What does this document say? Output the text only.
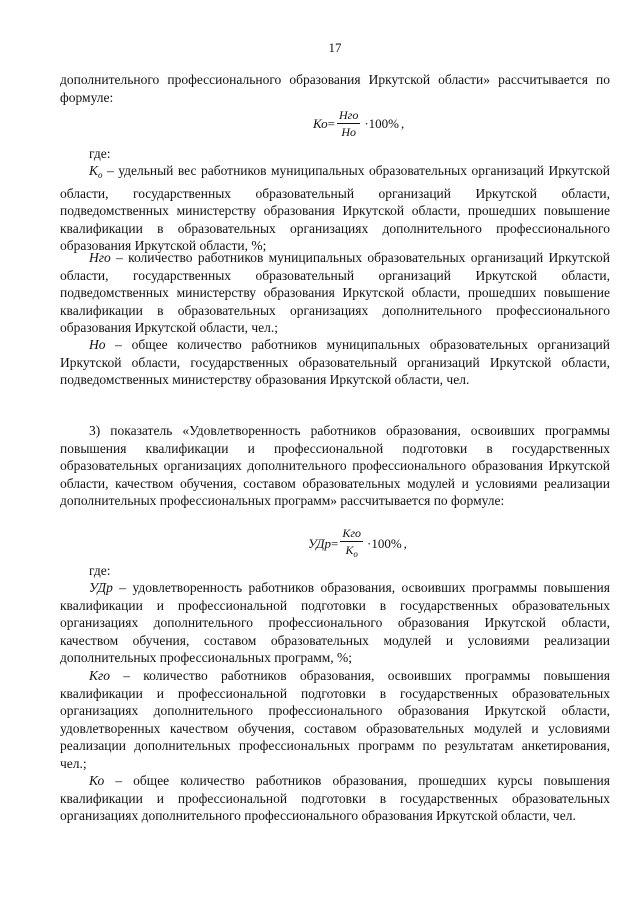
17

дополнительного профессионального образования Иркутской области» рассчитывается по формуле:

Ко = $\frac{\text{Нго}}{Но} \cdot 100\%$ ,

где:

$К_о$ – удельный вес работников муниципальных образовательных организаций Иркутской области, государственных образовательный организаций Иркутской области, подведомственных министерству образования Иркутской области, прошедших повышение квалификации в образовательных организациях дополнительного профессионального образования Иркутской области, %;

Нго – количество работников муниципальных образовательных организаций Иркутской области, государственных образовательный организаций Иркутской области, подведомственных министерству образования Иркутской области, прошедших повышение квалификации в образовательных организациях дополнительного профессионального образования Иркутской области, чел.;

Но – общее количество работников муниципальных образовательных организаций Иркутской области, государственных образовательный организаций Иркутской области, подведомственных министерству образования Иркутской области, чел.

3) показатель «Удовлетворенность работников образования, освоивших программы повышения квалификации и профессиональной подготовки в государственных образовательных организациях дополнительного профессионального образования Иркутской области, качеством обучения, составом образовательных модулей и условиями реализации дополнительных профессиональных программ» рассчитывается по формуле:

УДр = $\frac{\text{Кго}}{К_о} \cdot 100\%$ ,

где:

УДр – удовлетворенность работников образования, освоивших программы повышения квалификации и профессиональной подготовки в государственных образовательных организациях дополнительного профессионального образования Иркутской области, качеством обучения, составом образовательных модулей и условиями реализации дополнительных профессиональных программ, %;

Кго – количество работников образования, освоивших программы повышения квалификации и профессиональной подготовки в государственных образовательных организациях дополнительного профессионального образования Иркутской области, удовлетворенных качеством обучения, составом образовательных модулей и условиями реализации дополнительных профессиональных программ по результатам анкетирования, чел.;

Ко – общее количество работников образования, прошедших курсы повышения квалификации и профессиональной подготовки в государственных образовательных организациях дополнительного профессионального образования Иркутской области, чел.
